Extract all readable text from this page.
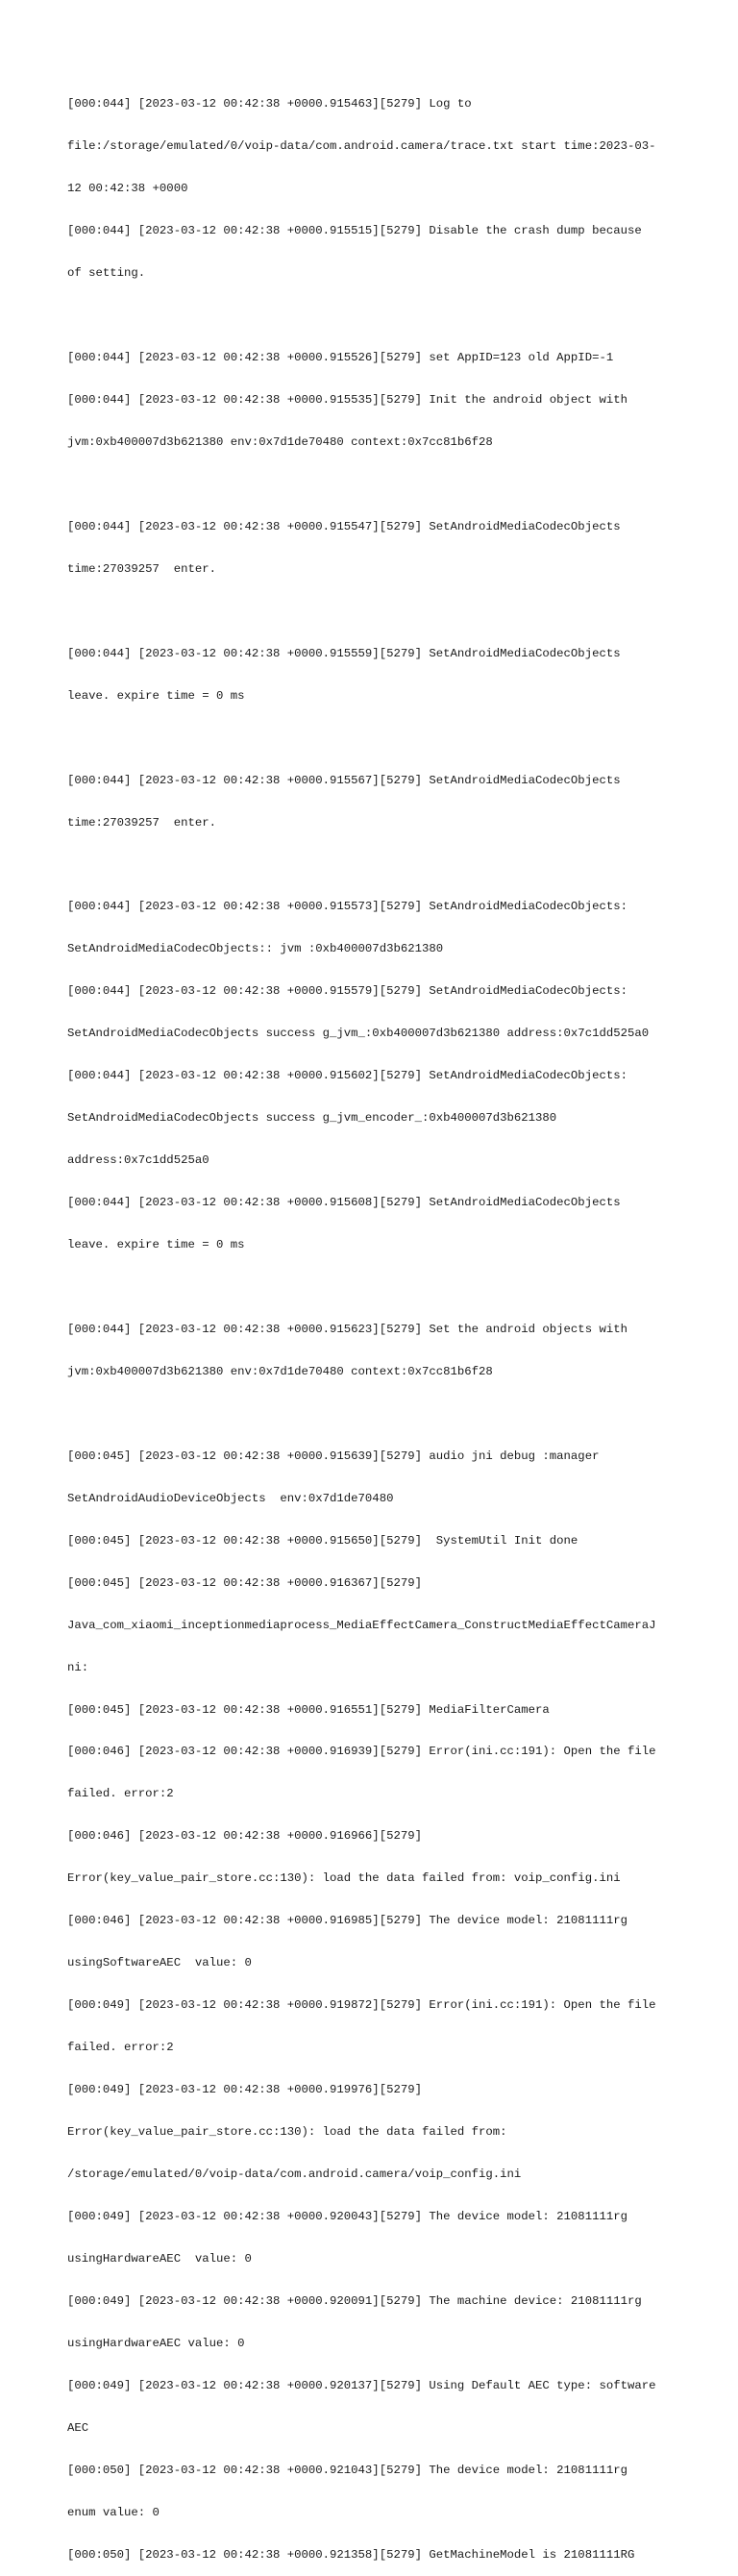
[000:044] [2023-03-12 00:42:38 +0000.915463][5279] Log to

file:/storage/emulated/0/voip-data/com.android.camera/trace.txt start time:2023-03-

12 00:42:38 +0000

[000:044] [2023-03-12 00:42:38 +0000.915515][5279] Disable the crash dump because

of setting.

[000:044] [2023-03-12 00:42:38 +0000.915526][5279] set AppID=123 old AppID=-1

[000:044] [2023-03-12 00:42:38 +0000.915535][5279] Init the android object with

jvm:0xb400007d3b621380 env:0x7d1de70480 context:0x7cc81b6f28

[000:044] [2023-03-12 00:42:38 +0000.915547][5279] SetAndroidMediaCodecObjects

time:27039257  enter.

[000:044] [2023-03-12 00:42:38 +0000.915559][5279] SetAndroidMediaCodecObjects

leave. expire time = 0 ms

[000:044] [2023-03-12 00:42:38 +0000.915567][5279] SetAndroidMediaCodecObjects

time:27039257  enter.

[000:044] [2023-03-12 00:42:38 +0000.915573][5279] SetAndroidMediaCodecObjects:

SetAndroidMediaCodecObjects:: jvm :0xb400007d3b621380

[000:044] [2023-03-12 00:42:38 +0000.915579][5279] SetAndroidMediaCodecObjects:

SetAndroidMediaCodecObjects success g_jvm_:0xb400007d3b621380 address:0x7c1dd525a0

[000:044] [2023-03-12 00:42:38 +0000.915602][5279] SetAndroidMediaCodecObjects:

SetAndroidMediaCodecObjects success g_jvm_encoder_:0xb400007d3b621380

address:0x7c1dd525a0

[000:044] [2023-03-12 00:42:38 +0000.915608][5279] SetAndroidMediaCodecObjects

leave. expire time = 0 ms

[000:044] [2023-03-12 00:42:38 +0000.915623][5279] Set the android objects with

jvm:0xb400007d3b621380 env:0x7d1de70480 context:0x7cc81b6f28

[000:045] [2023-03-12 00:42:38 +0000.915639][5279] audio jni debug :manager

SetAndroidAudioDeviceObjects  env:0x7d1de70480

[000:045] [2023-03-12 00:42:38 +0000.915650][5279]  SystemUtil Init done

[000:045] [2023-03-12 00:42:38 +0000.916367][5279]

Java_com_xiaomi_inceptionmediaprocess_MediaEffectCamera_ConstructMediaEffectCameraJ

ni:

[000:045] [2023-03-12 00:42:38 +0000.916551][5279] MediaFilterCamera

[000:046] [2023-03-12 00:42:38 +0000.916939][5279] Error(ini.cc:191): Open the file

failed. error:2

[000:046] [2023-03-12 00:42:38 +0000.916966][5279]

Error(key_value_pair_store.cc:130): load the data failed from: voip_config.ini

[000:046] [2023-03-12 00:42:38 +0000.916985][5279] The device model: 21081111rg

usingSoftwareAEC  value: 0

[000:049] [2023-03-12 00:42:38 +0000.919872][5279] Error(ini.cc:191): Open the file

failed. error:2

[000:049] [2023-03-12 00:42:38 +0000.919976][5279]

Error(key_value_pair_store.cc:130): load the data failed from:

/storage/emulated/0/voip-data/com.android.camera/voip_config.ini

[000:049] [2023-03-12 00:42:38 +0000.920043][5279] The device model: 21081111rg

usingHardwareAEC  value: 0

[000:049] [2023-03-12 00:42:38 +0000.920091][5279] The machine device: 21081111rg

usingHardwareAEC value: 0

[000:049] [2023-03-12 00:42:38 +0000.920137][5279] Using Default AEC type: software

AEC

[000:050] [2023-03-12 00:42:38 +0000.921043][5279] The device model: 21081111rg

enum value: 0

[000:050] [2023-03-12 00:42:38 +0000.921358][5279] GetMachineModel is 21081111RG
